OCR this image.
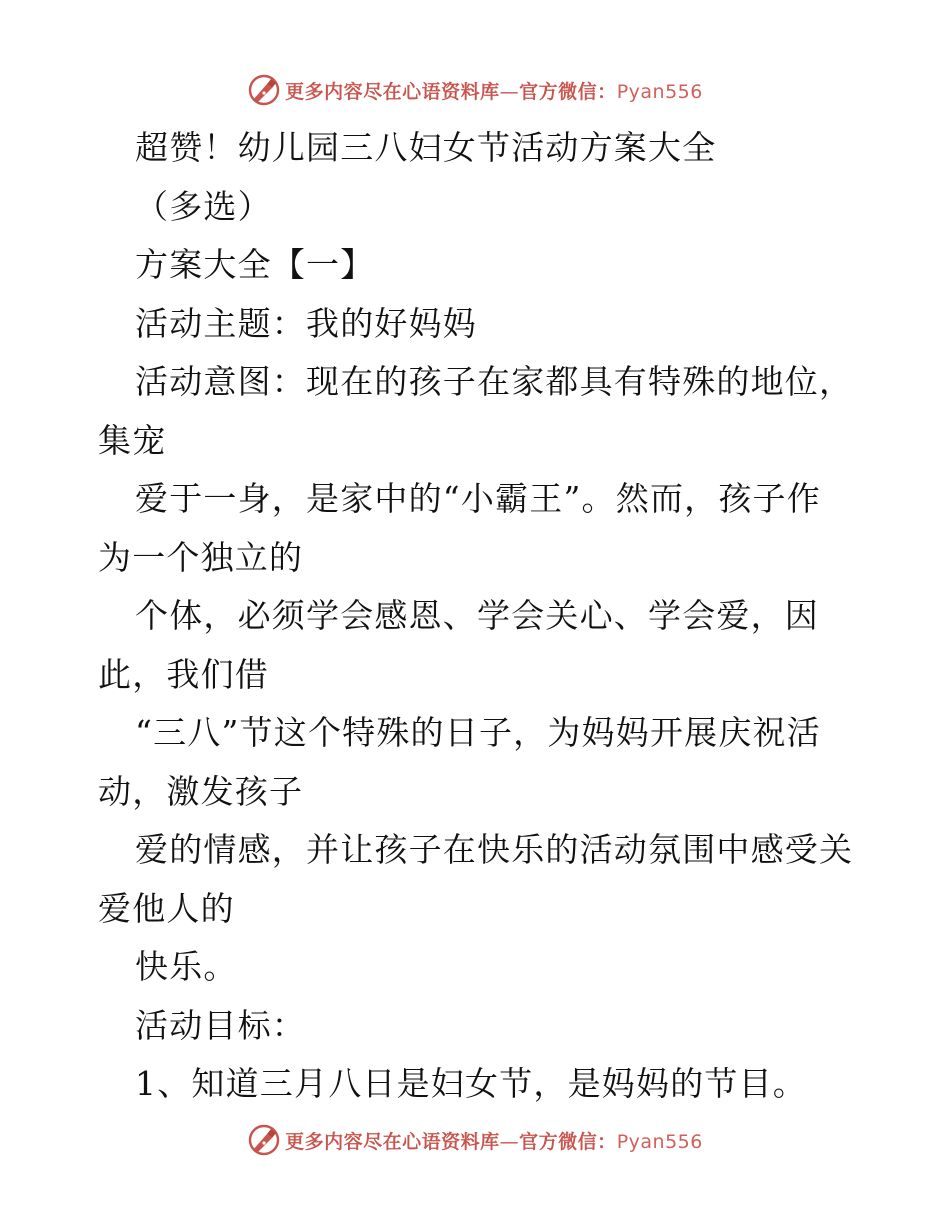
更多内容尽在心语资料库—官方微信：Pyan556
超赞！幼儿园三八妇女节活动方案大全
（多选）
方案大全【一】
活动主题：我的好妈妈
活动意图：现在的孩子在家都具有特殊的地位，
集宠
爱于一身，是家中的“小霸王”。然而，孩子作
为一个独立的
个体，必须学会感恩、学会关心、学会爱，因
此，我们借
“三八”节这个特殊的日子，为妈妈开展庆祝活
动，激发孩子
爱的情感，并让孩子在快乐的活动氛围中感受关
爱他人的
快乐。
活动目标：
1、知道三月八日是妇女节，是妈妈的节目。
更多内容尽在心语资料库—官方微信：Pyan556
